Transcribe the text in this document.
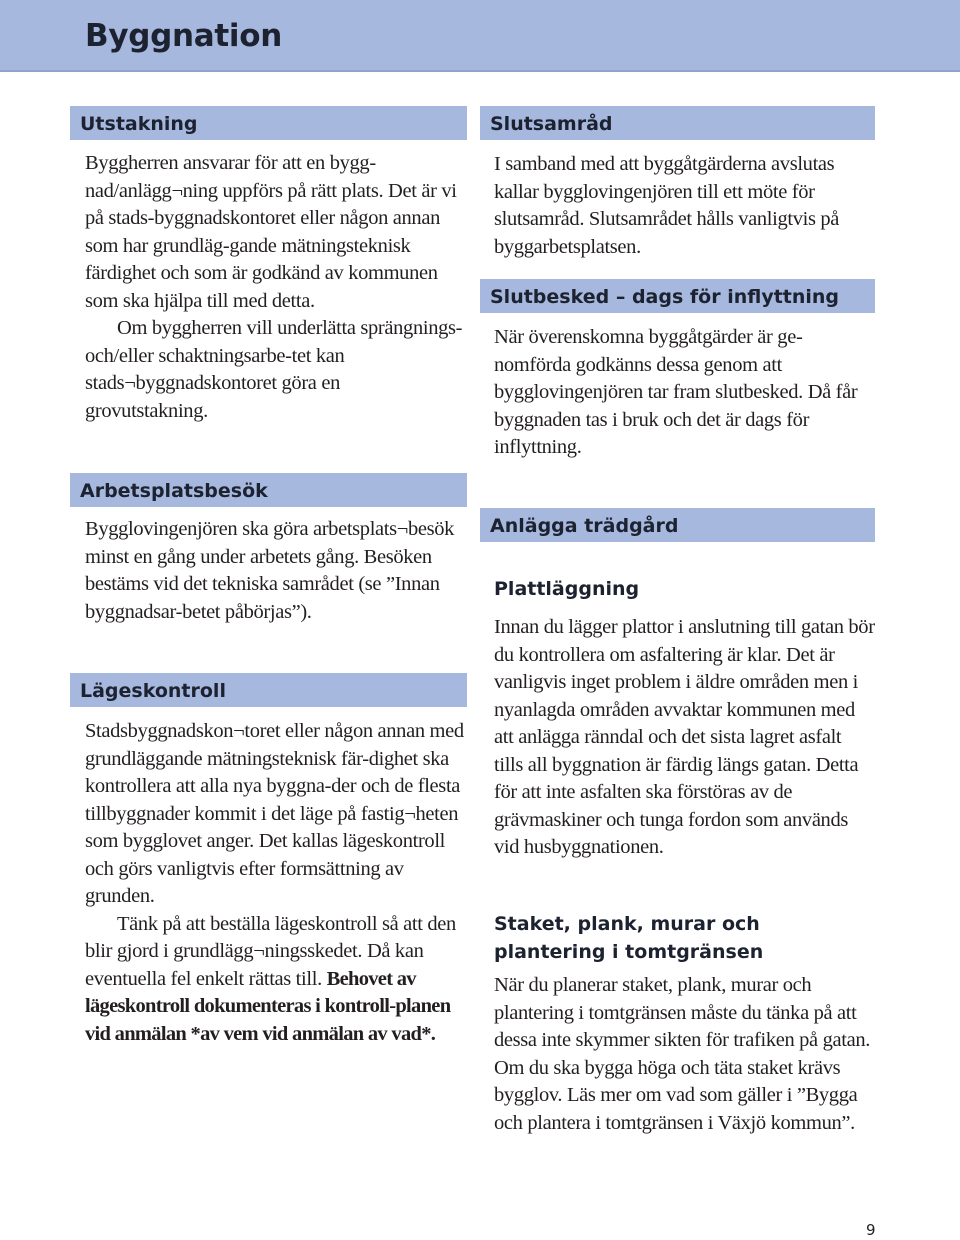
Byggnation
Utstakning

Byggherren ansvarar för att en bygg-nad/anlägg¬ning uppförs på rätt plats. Det är vi på stads-byggnadskontoret eller någon annan som har grundläg-gande mätningsteknisk färdighet och som är godkänd av kommunen som ska hjälpa till med detta.

Om byggherren vill underlätta sprängnings-och/eller schaktningsarbe-tet kan stads¬byggnadskontoret göra en grovutstakning.

Arbetsplatsbesök

Bygglovingenjören ska göra arbetsplats¬besök minst en gång under arbetets gång. Besöken bestäms vid det tekniska samrådet (se ”Innan byggnadsar-betet påbörjas”).

Lägeskontroll

Stadsbyggnadskon¬toret eller någon annan med grundläggande mätningsteknisk fär-dighet ska kontrollera att alla nya byggna-der och de flesta tillbyggnader kommit i det läge på fastig¬heten som bygglovet anger. Det kallas lägeskontroll och görs vanligtvis efter formsättning av grunden.

Tänk på att beställa lägeskontroll så att den blir gjord i grundlägg¬ningsskedet. Då kan eventuella fel enkelt rättas till. Behovet av lägeskontroll dokumenteras i kontroll-planen vid anmälan *av vem vid anmälan av vad*.

Slutsamråd

I samband med att byggåtgärderna avslutas kallar bygglovingenjören till ett möte för slutsamråd. Slutsamrådet hålls vanligtvis på byggarbetsplatsen.

Slutbesked – dags för inflyttning

När överenskomna byggåtgärder är ge-nomförda godkänns dessa genom att bygglovingenjören tar fram slutbesked. Då får byggnaden tas i bruk och det är dags för inflyttning.

Anlägga trädgård
Plattläggning

Innan du lägger plattor i anslutning till gatan bör du kontrollera om asfaltering är klar. Det är vanligvis inget problem i äldre områden men i nyanlagda områden avvaktar kommunen med att anlägga ränndal och det sista lagret asfalt tills all byggnation är färdig längs gatan. Detta för att inte asfalten ska förstöras av de grävmaskiner och tunga fordon som används vid husbyggnationen.

Staket, plank, murar och plantering i tomtgränsen

När du planerar staket, plank, murar och plantering i tomtgränsen måste du tänka på att dessa inte skymmer sikten för trafiken på gatan. Om du ska bygga höga och täta staket krävs bygglov. Läs mer om vad som gäller i ”Bygga och plantera i tomtgränsen i Växjö kommun”.

9
